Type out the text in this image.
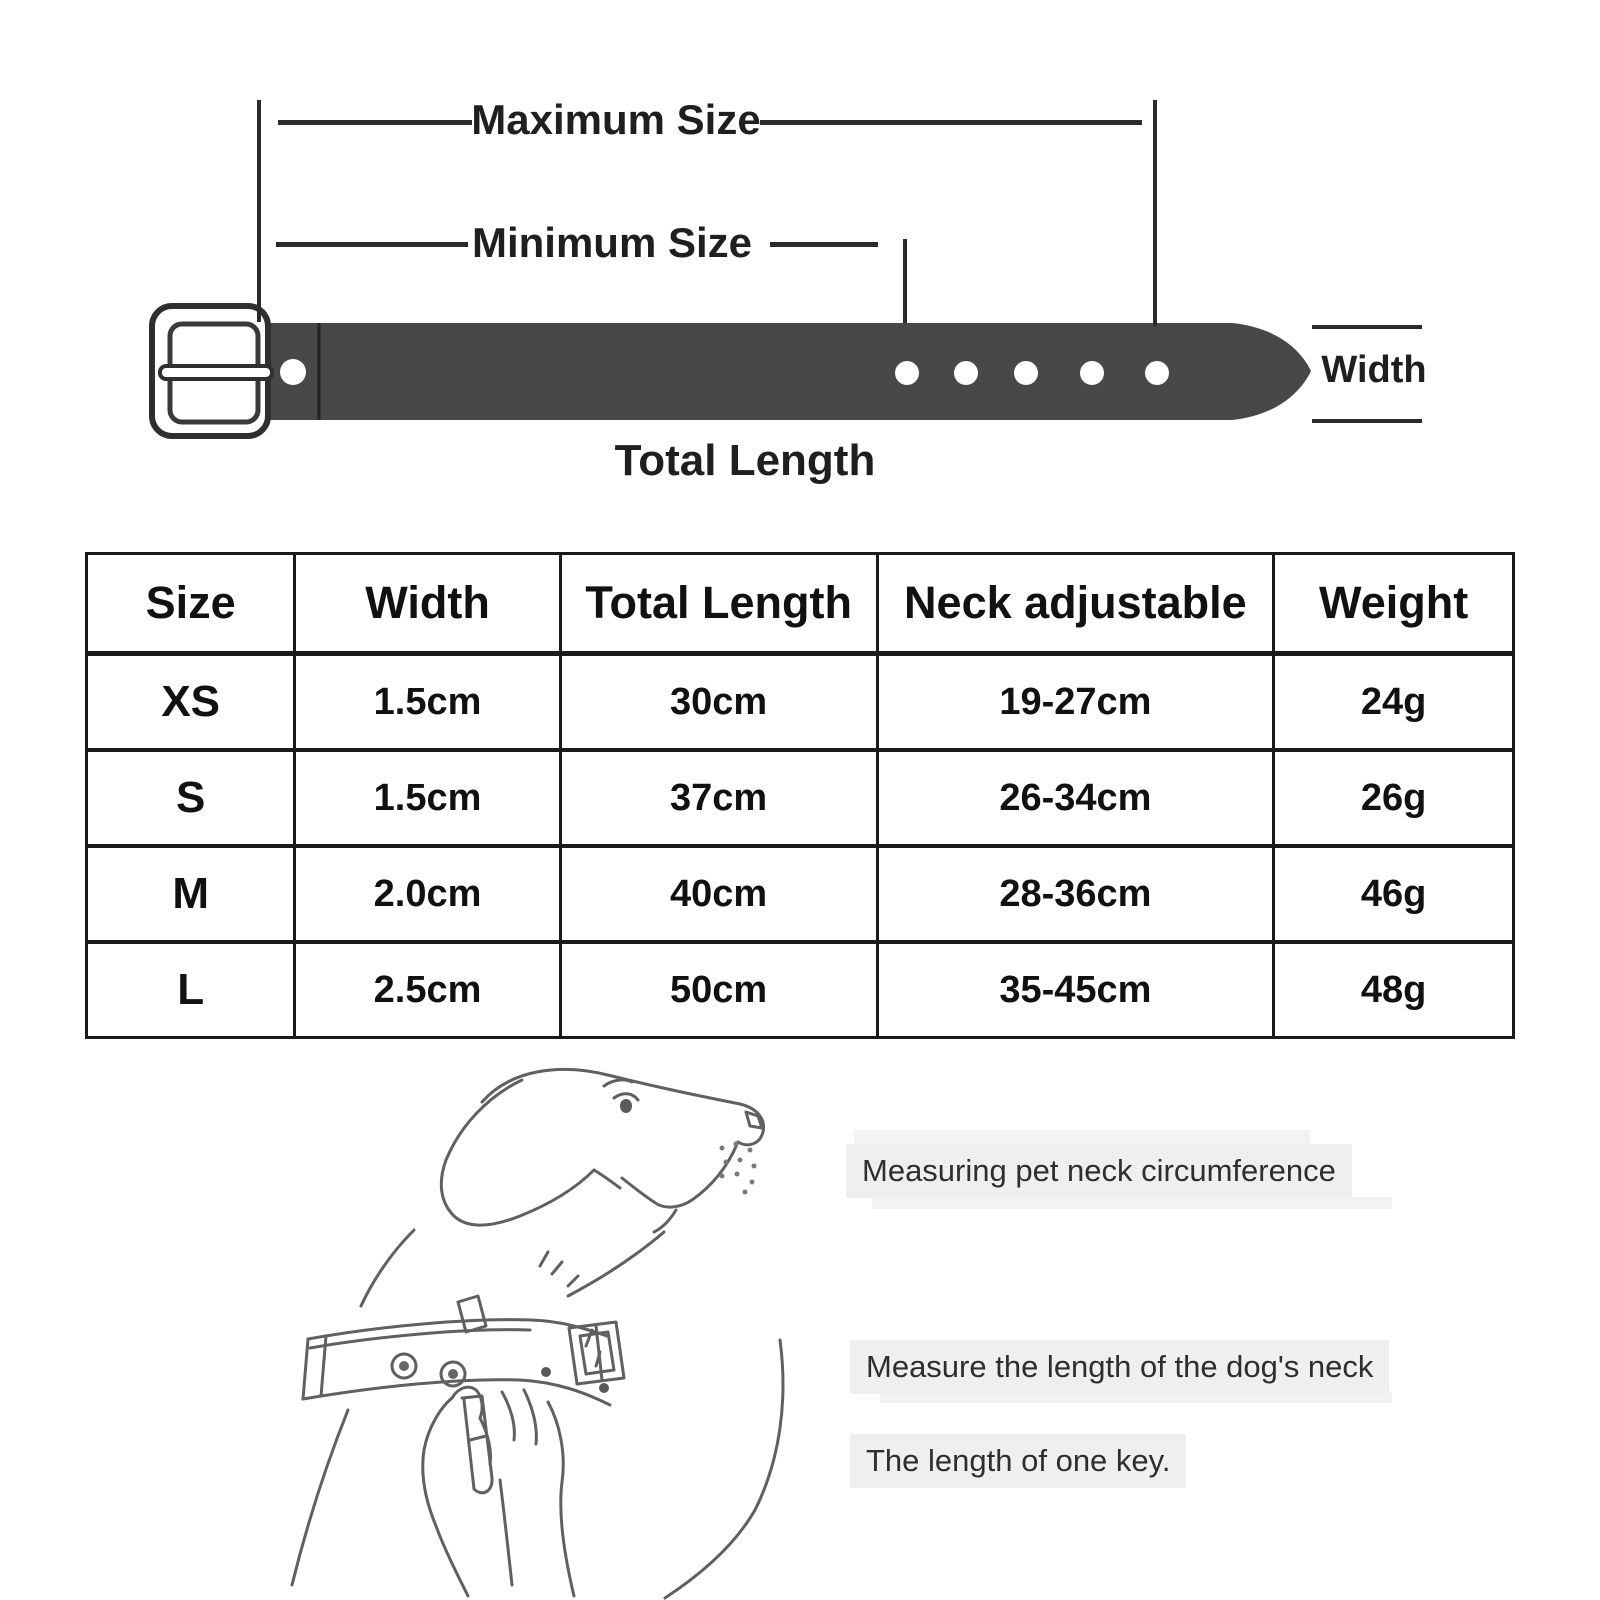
Maximum Size
Minimum Size
Width
Total Length
Size	Width	Total Length	Neck adjustable	Weight
XS	1.5cm	30cm	19-27cm	24g
S	1.5cm	37cm	26-34cm	26g
M	2.0cm	40cm	28-36cm	46g
L	2.5cm	50cm	35-45cm	48g
Measuring pet neck circumference
Measure the length of the dog's neck
The length of one key.
